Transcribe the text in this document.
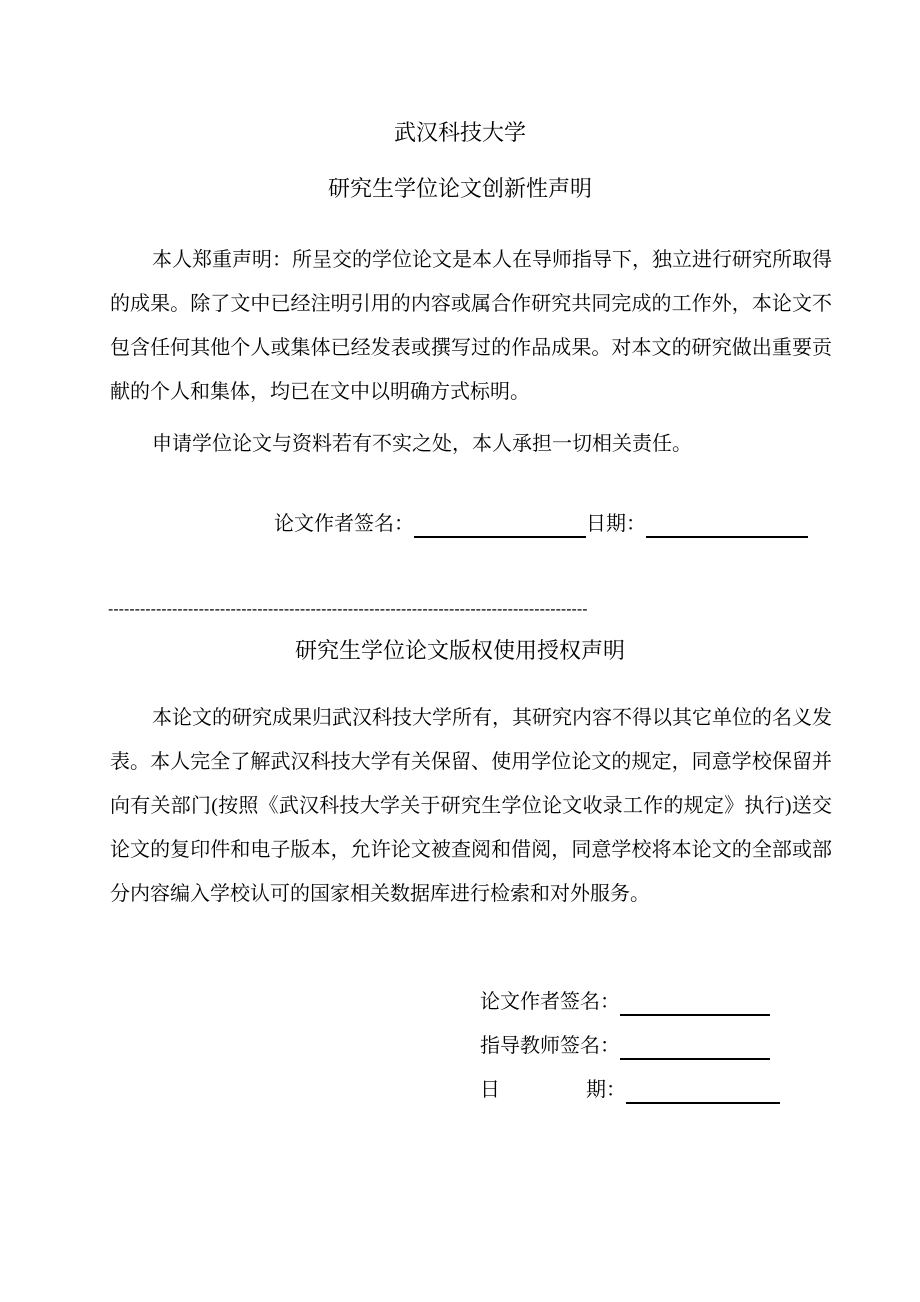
武汉科技大学
研究生学位论文创新性声明

本人郑重声明：所呈交的学位论文是本人在导师指导下，独立进行研究所取得的成果。除了文中已经注明引用的内容或属合作研究共同完成的工作外，本论文不包含任何其他个人或集体已经发表或撰写过的作品成果。对本文的研究做出重要贡献的个人和集体，均已在文中以明确方式标明。

申请学位论文与资料若有不实之处，本人承担一切相关责任。

论文作者签名：	日期：
------------------------------------------------------------------------------------------
研究生学位论文版权使用授权声明

本论文的研究成果归武汉科技大学所有，其研究内容不得以其它单位的名义发表。本人完全了解武汉科技大学有关保留、使用学位论文的规定，同意学校保留并向有关部门(按照《武汉科技大学关于研究生学位论文收录工作的规定》执行)送交论文的复印件和电子版本，允许论文被查阅和借阅，同意学校将本论文的全部或部分内容编入学校认可的国家相关数据库进行检索和对外服务。

论文作者签名：
指导教师签名：
日	期：
